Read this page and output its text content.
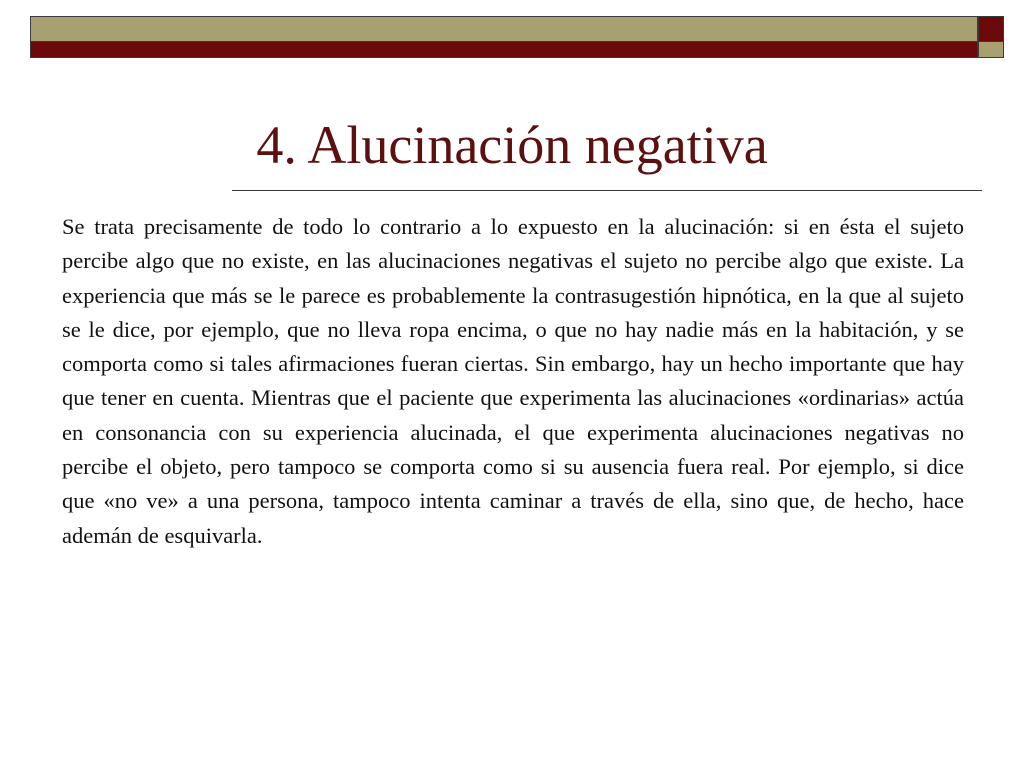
4. Alucinación negativa

Se trata precisamente de todo lo contrario a lo expuesto en la alucinación: si en ésta el sujeto percibe algo que no existe, en las alucinaciones negativas el sujeto no percibe algo que existe. La experiencia que más se le parece es probablemente la contrasugestión hipnótica, en la que al sujeto se le dice, por ejemplo, que no lleva ropa encima, o que no hay nadie más en la habitación, y se comporta como si tales afirmaciones fueran ciertas. Sin embargo, hay un hecho importante que hay que tener en cuenta. Mientras que el paciente que experimenta las alucinaciones «ordinarias» actúa en consonancia con su experiencia alucinada, el que experimenta alucinaciones negativas no percibe el objeto, pero tampoco se comporta como si su ausencia fuera real. Por ejemplo, si dice que «no ve» a una persona, tampoco intenta caminar a través de ella, sino que, de hecho, hace ademán de esquivarla.
